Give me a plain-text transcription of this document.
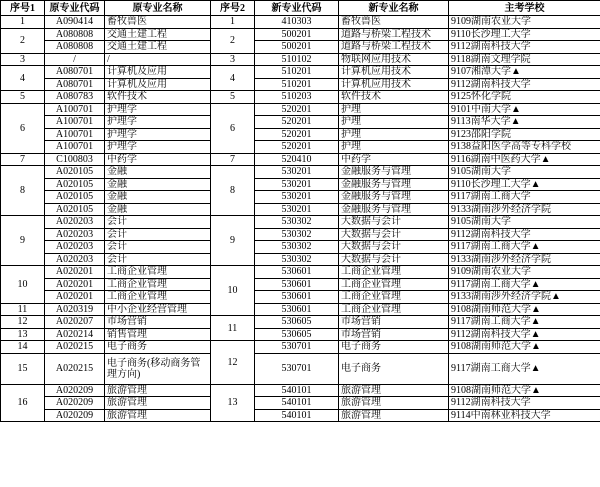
序号1	原专业代码	原专业名称	序号2	新专业代码	新专业名称	主考学校
1	A090414	畜牧兽医	1	410303	畜牧兽医	9109湖南农业大学
2	A080808	交通土建工程	2	500201	道路与桥梁工程技术	9110长沙理工大学
	A080808	交通土建工程		500201	道路与桥梁工程技术	9112湖南科技大学
3	/	/	3	510102	物联网应用技术	9118湖南文理学院
4	A080701	计算机及应用	4	510201	计算机应用技术	9107湘潭大学▲
	A080701	计算机及应用		510201	计算机应用技术	9112湖南科技大学
5	A080783	软件技术	5	510203	软件技术	9125怀化学院
6	A100701	护理学	6	520201	护理	9101中南大学▲
	A100701	护理学		520201	护理	9113南华大学▲
	A100701	护理学		520201	护理	9123邵阳学院
	A100701	护理学		520201	护理	9138益阳医学高等专科学校
7	C100803	中药学	7	520410	中药学	9116湖南中医药大学▲
8	A020105	金融	8	530201	金融服务与管理	9105湖南大学
	A020105	金融		530201	金融服务与管理	9110长沙理工大学▲
	A020105	金融		530201	金融服务与管理	9117湖南工商大学
	A020105	金融		530201	金融服务与管理	9133湖南涉外经济学院
9	A020203	会计	9	530302	大数据与会计	9105湖南大学
	A020203	会计		530302	大数据与会计	9112湖南科技大学
	A020203	会计		530302	大数据与会计	9117湖南工商大学▲
	A020203	会计		530302	大数据与会计	9133湖南涉外经济学院
10	A020201	工商企业管理	10	530601	工商企业管理	9109湖南农业大学
	A020201	工商企业管理		530601	工商企业管理	9117湖南工商大学▲
	A020201	工商企业管理		530601	工商企业管理	9133湖南涉外经济学院▲
11	A020319	中小企业经营管理		530601	工商企业管理	9108湖南师范大学▲
12	A020207	市场营销	11	530605	市场营销	9117湖南工商大学▲
13	A020214	销售管理		530605	市场营销	9112湖南科技大学▲
14	A020215	电子商务	12	530701	电子商务	9108湖南师范大学▲
15	A020215	电子商务(移动商务管理方向)		530701	电子商务	9117湖南工商大学▲
16	A020209	旅游管理	13	540101	旅游管理	9108湖南师范大学▲
	A020209	旅游管理		540101	旅游管理	9112湖南科技大学
	A020209	旅游管理		540101	旅游管理	9114中南林业科技大学
